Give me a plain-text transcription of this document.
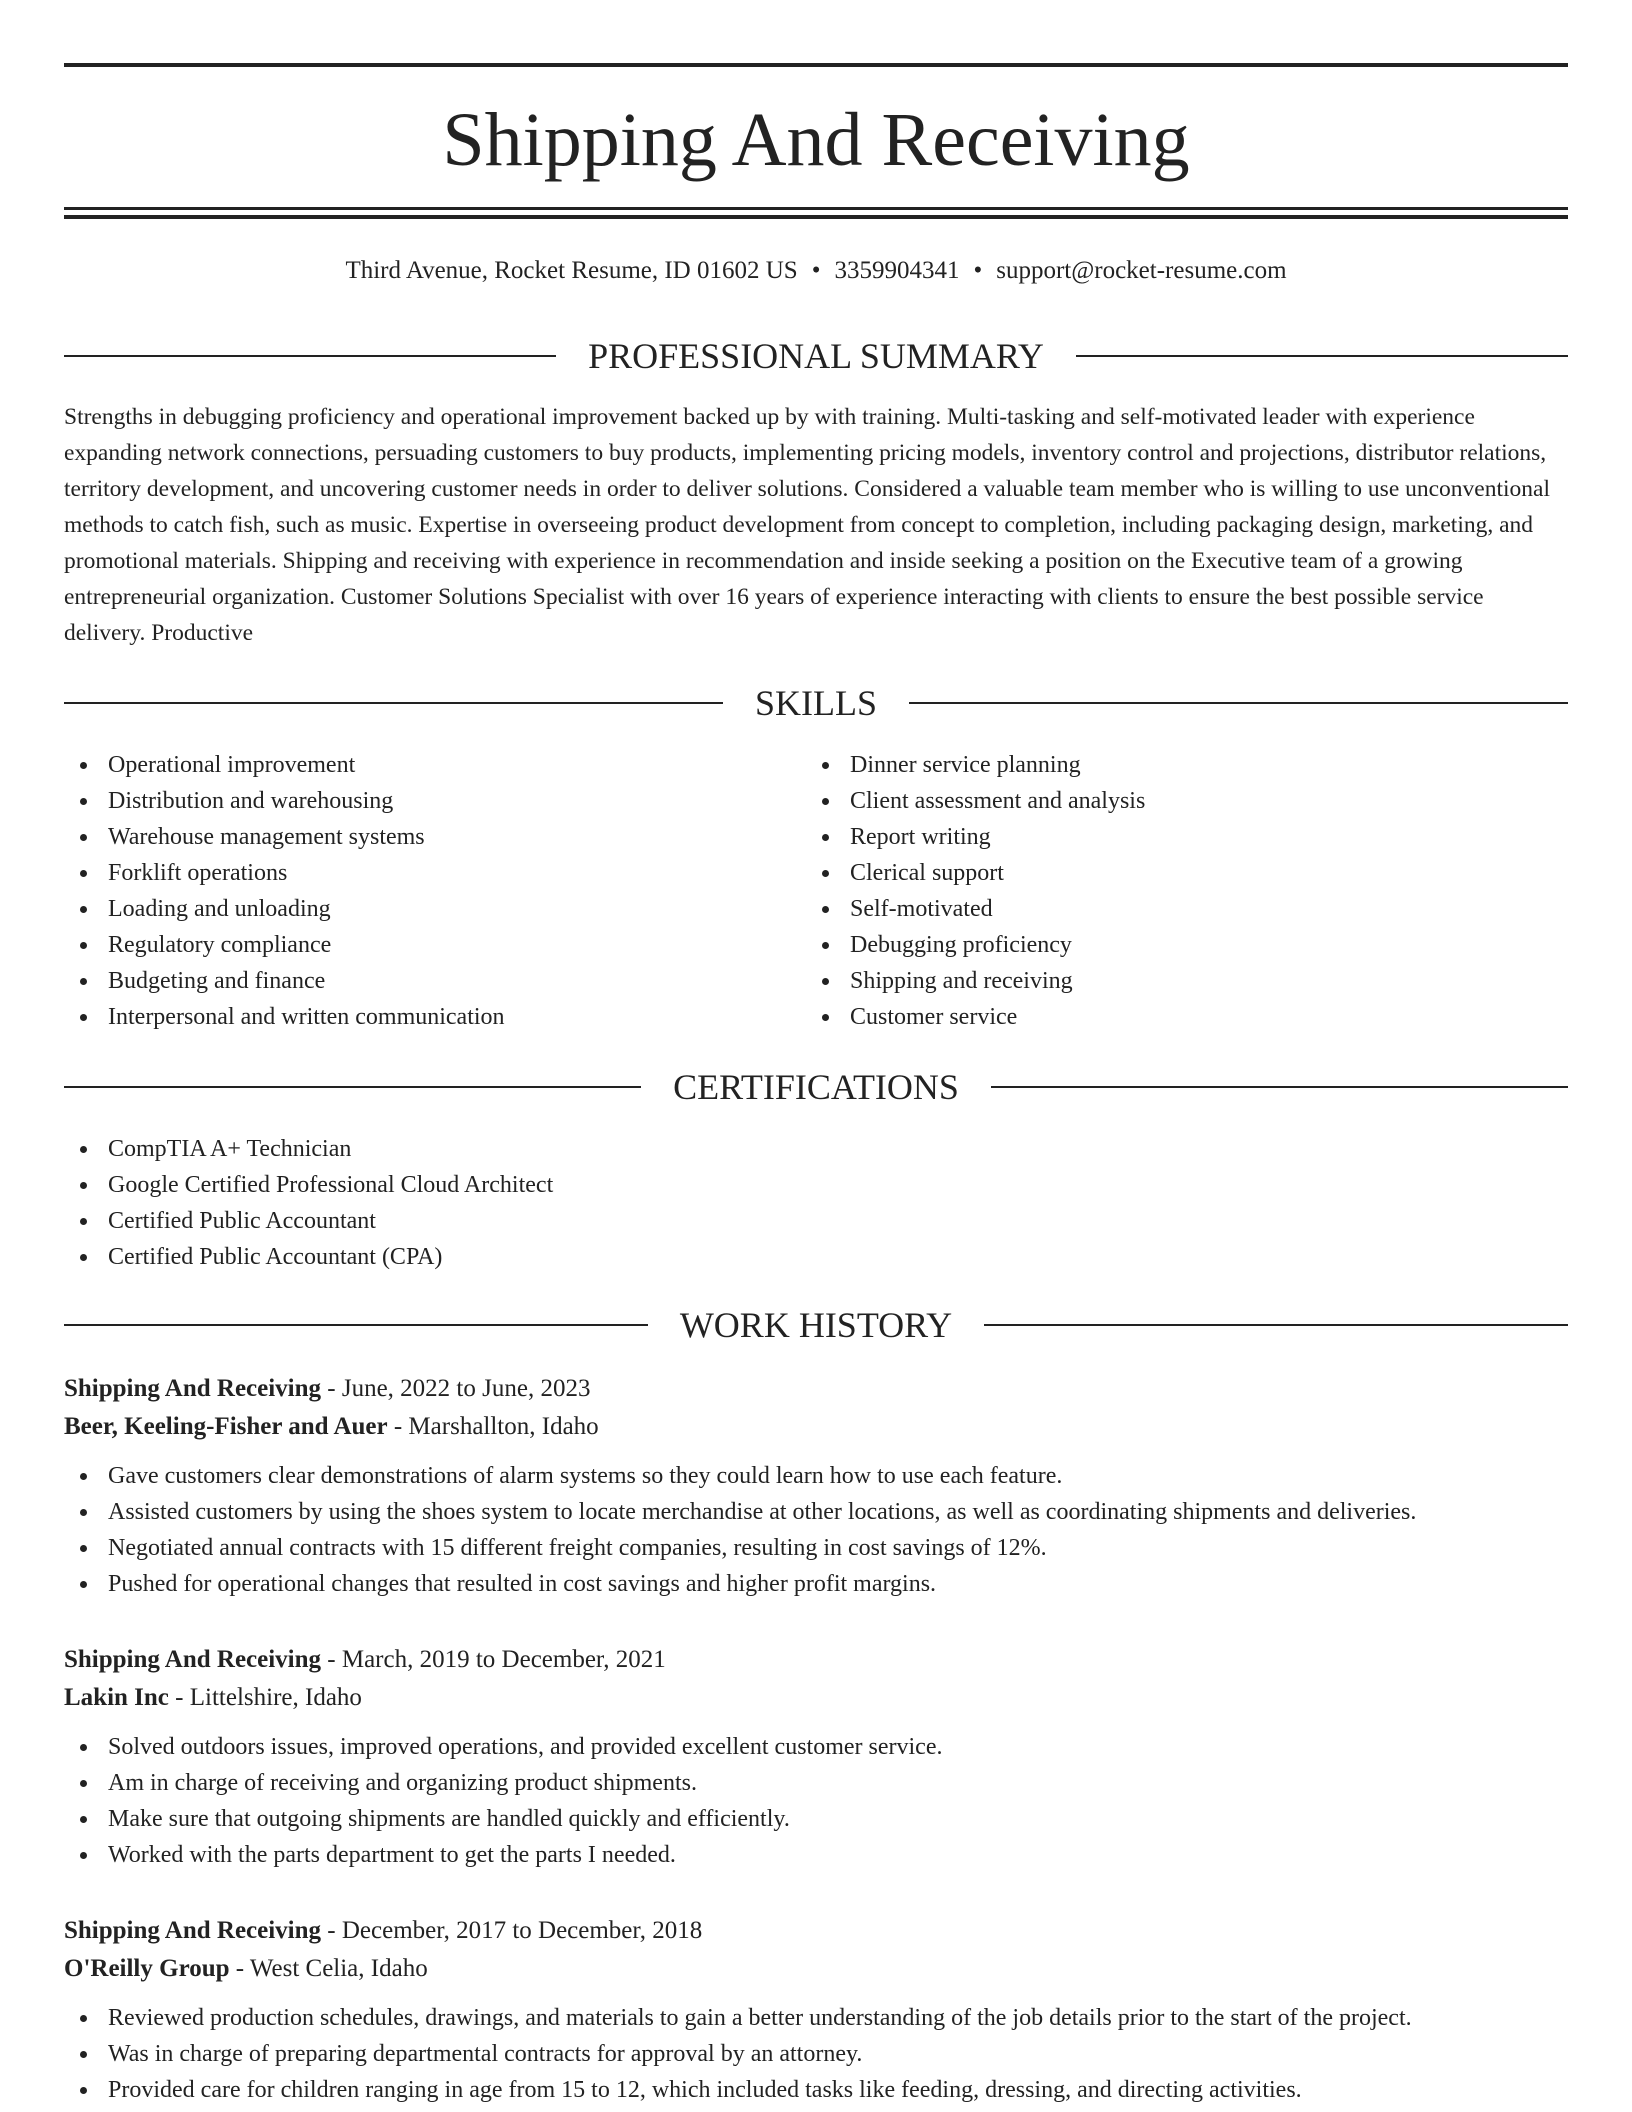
Shipping And Receiving
Third Avenue, Rocket Resume, ID 01602 US • 3359904341 • support@rocket-resume.com
PROFESSIONAL SUMMARY

Strengths in debugging proficiency and operational improvement backed up by with training. Multi-tasking and self-motivated leader with experience expanding network connections, persuading customers to buy products, implementing pricing models, inventory control and projections, distributor relations, territory development, and uncovering customer needs in order to deliver solutions. Considered a valuable team member who is willing to use unconventional methods to catch fish, such as music. Expertise in overseeing product development from concept to completion, including packaging design, marketing, and promotional materials. Shipping and receiving with experience in recommendation and inside seeking a position on the Executive team of a growing entrepreneurial organization. Customer Solutions Specialist with over 16 years of experience interacting with clients to ensure the best possible service delivery. Productive

SKILLS
Operational improvement
Distribution and warehousing
Warehouse management systems
Forklift operations
Loading and unloading
Regulatory compliance
Budgeting and finance
Interpersonal and written communication
Dinner service planning
Client assessment and analysis
Report writing
Clerical support
Self-motivated
Debugging proficiency
Shipping and receiving
Customer service
CERTIFICATIONS
CompTIA A+ Technician
Google Certified Professional Cloud Architect
Certified Public Accountant
Certified Public Accountant (CPA)
WORK HISTORY
Shipping And Receiving - June, 2022 to June, 2023
Beer, Keeling-Fisher and Auer - Marshallton, Idaho
Gave customers clear demonstrations of alarm systems so they could learn how to use each feature.
Assisted customers by using the shoes system to locate merchandise at other locations, as well as coordinating shipments and deliveries.
Negotiated annual contracts with 15 different freight companies, resulting in cost savings of 12%.
Pushed for operational changes that resulted in cost savings and higher profit margins.
Shipping And Receiving - March, 2019 to December, 2021
Lakin Inc - Littelshire, Idaho
Solved outdoors issues, improved operations, and provided excellent customer service.
Am in charge of receiving and organizing product shipments.
Make sure that outgoing shipments are handled quickly and efficiently.
Worked with the parts department to get the parts I needed.
Shipping And Receiving - December, 2017 to December, 2018
O'Reilly Group - West Celia, Idaho
Reviewed production schedules, drawings, and materials to gain a better understanding of the job details prior to the start of the project.
Was in charge of preparing departmental contracts for approval by an attorney.
Provided care for children ranging in age from 15 to 12, which included tasks like feeding, dressing, and directing activities.
